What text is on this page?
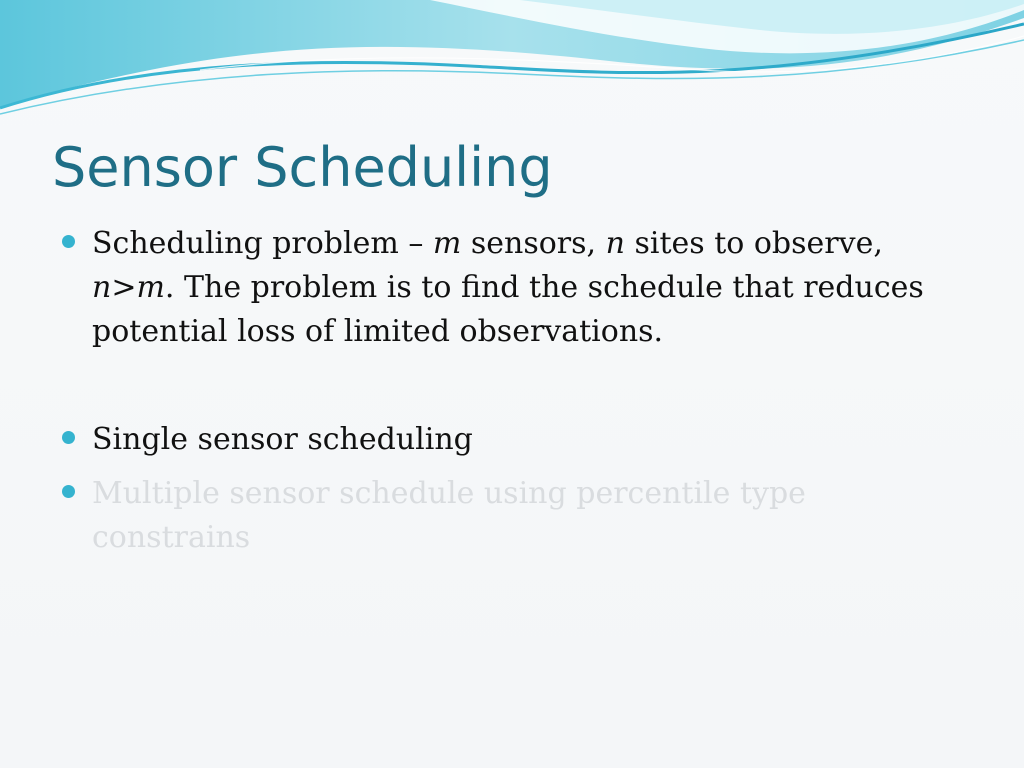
Sensor Scheduling
Scheduling problem – m sensors, n sites to observe, n>m. The problem is to find the schedule that reduces potential loss of limited observations.
Single sensor scheduling
Multiple sensor schedule using percentile type constrains
